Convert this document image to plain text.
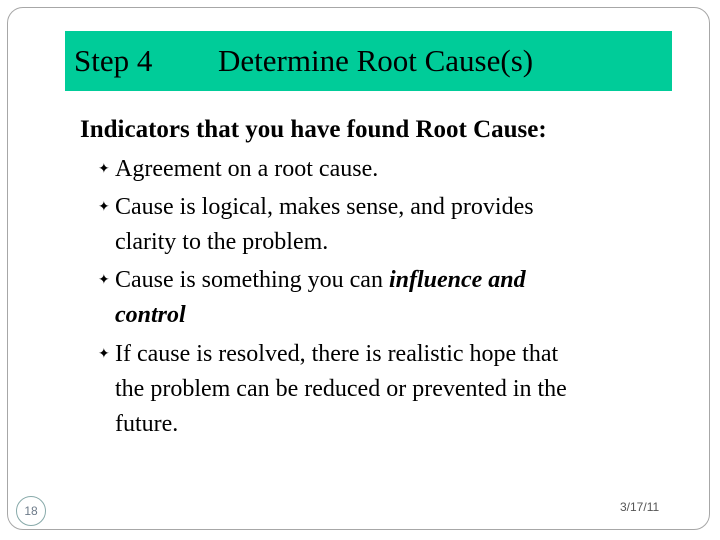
Step 4 Determine Root Cause(s)
Indicators that you have found Root Cause:
✦ Agreement on a root cause.
✦ Cause is logical, makes sense, and provides
clarity to the problem.
✦ Cause is something you can influence and
control
✦ If cause is resolved, there is realistic hope that
the problem can be reduced or prevented in the
future.
18	3/17/11
